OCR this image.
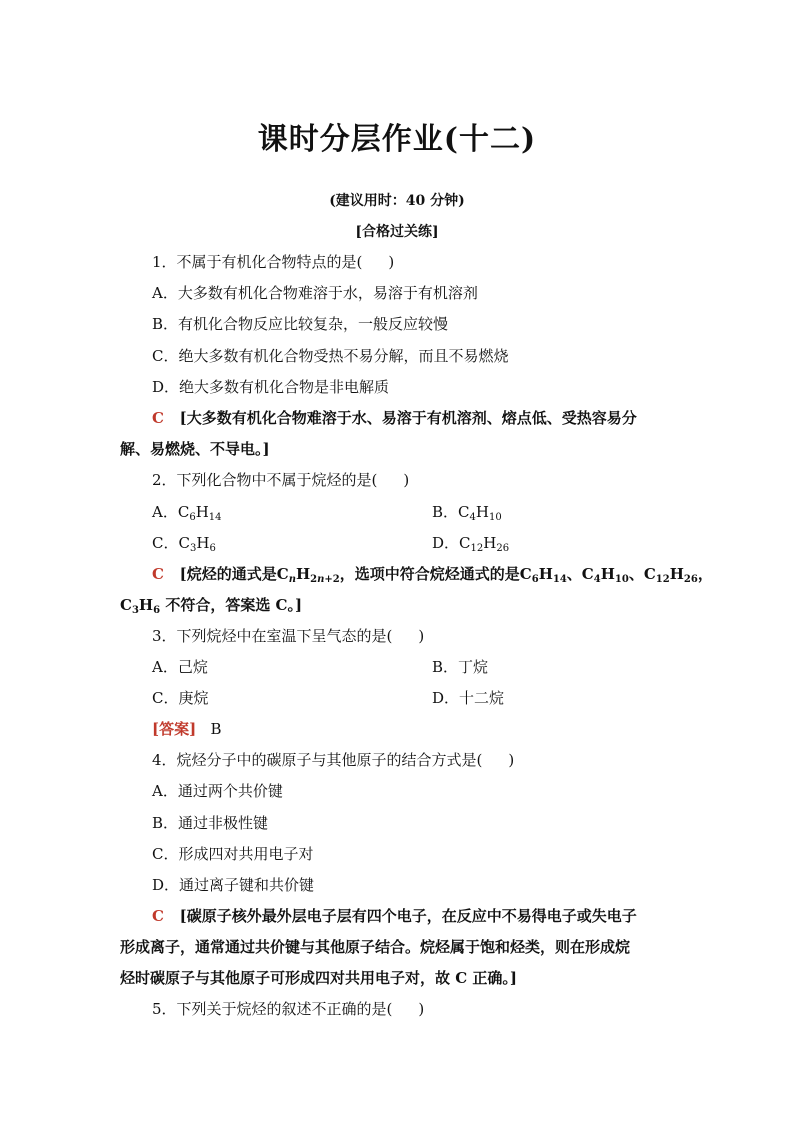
课时分层作业(十二)
(建议用时：40 分钟)
[合格过关练]
1．不属于有机化合物特点的是( )
A．大多数有机化合物难溶于水，易溶于有机溶剂
B．有机化合物反应比较复杂，一般反应较慢
C．绝大多数有机化合物受热不易分解，而且不易燃烧
D．绝大多数有机化合物是非电解质
C [大多数有机化合物难溶于水、易溶于有机溶剂、熔点低、受热容易分
解、易燃烧、不导电。]
2．下列化合物中不属于烷烃的是( )
A．$C_6H_{14}$	B．$C_4H_{10}$
C．$C_3H_6$	D．$C_{12}H_{26}$
C [烷烃的通式是$C_nH_{2n+2}$，选项中符合烷烃通式的是$C_6H_{14}$、$C_4H_{10}$、$C_{12}H_{26}$，
$C_3H_6$ 不符合，答案选 C。]
3．下列烷烃中在室温下呈气态的是( )
A．己烷	B．丁烷
C．庚烷	D．十二烷
[答案] B
4．烷烃分子中的碳原子与其他原子的结合方式是( )
A．通过两个共价键
B．通过非极性键
C．形成四对共用电子对
D．通过离子键和共价键
C [碳原子核外最外层电子层有四个电子，在反应中不易得电子或失电子
形成离子，通常通过共价键与其他原子结合。烷烃属于饱和烃类，则在形成烷
烃时碳原子与其他原子可形成四对共用电子对，故 C 正确。]
5．下列关于烷烃的叙述不正确的是( )
